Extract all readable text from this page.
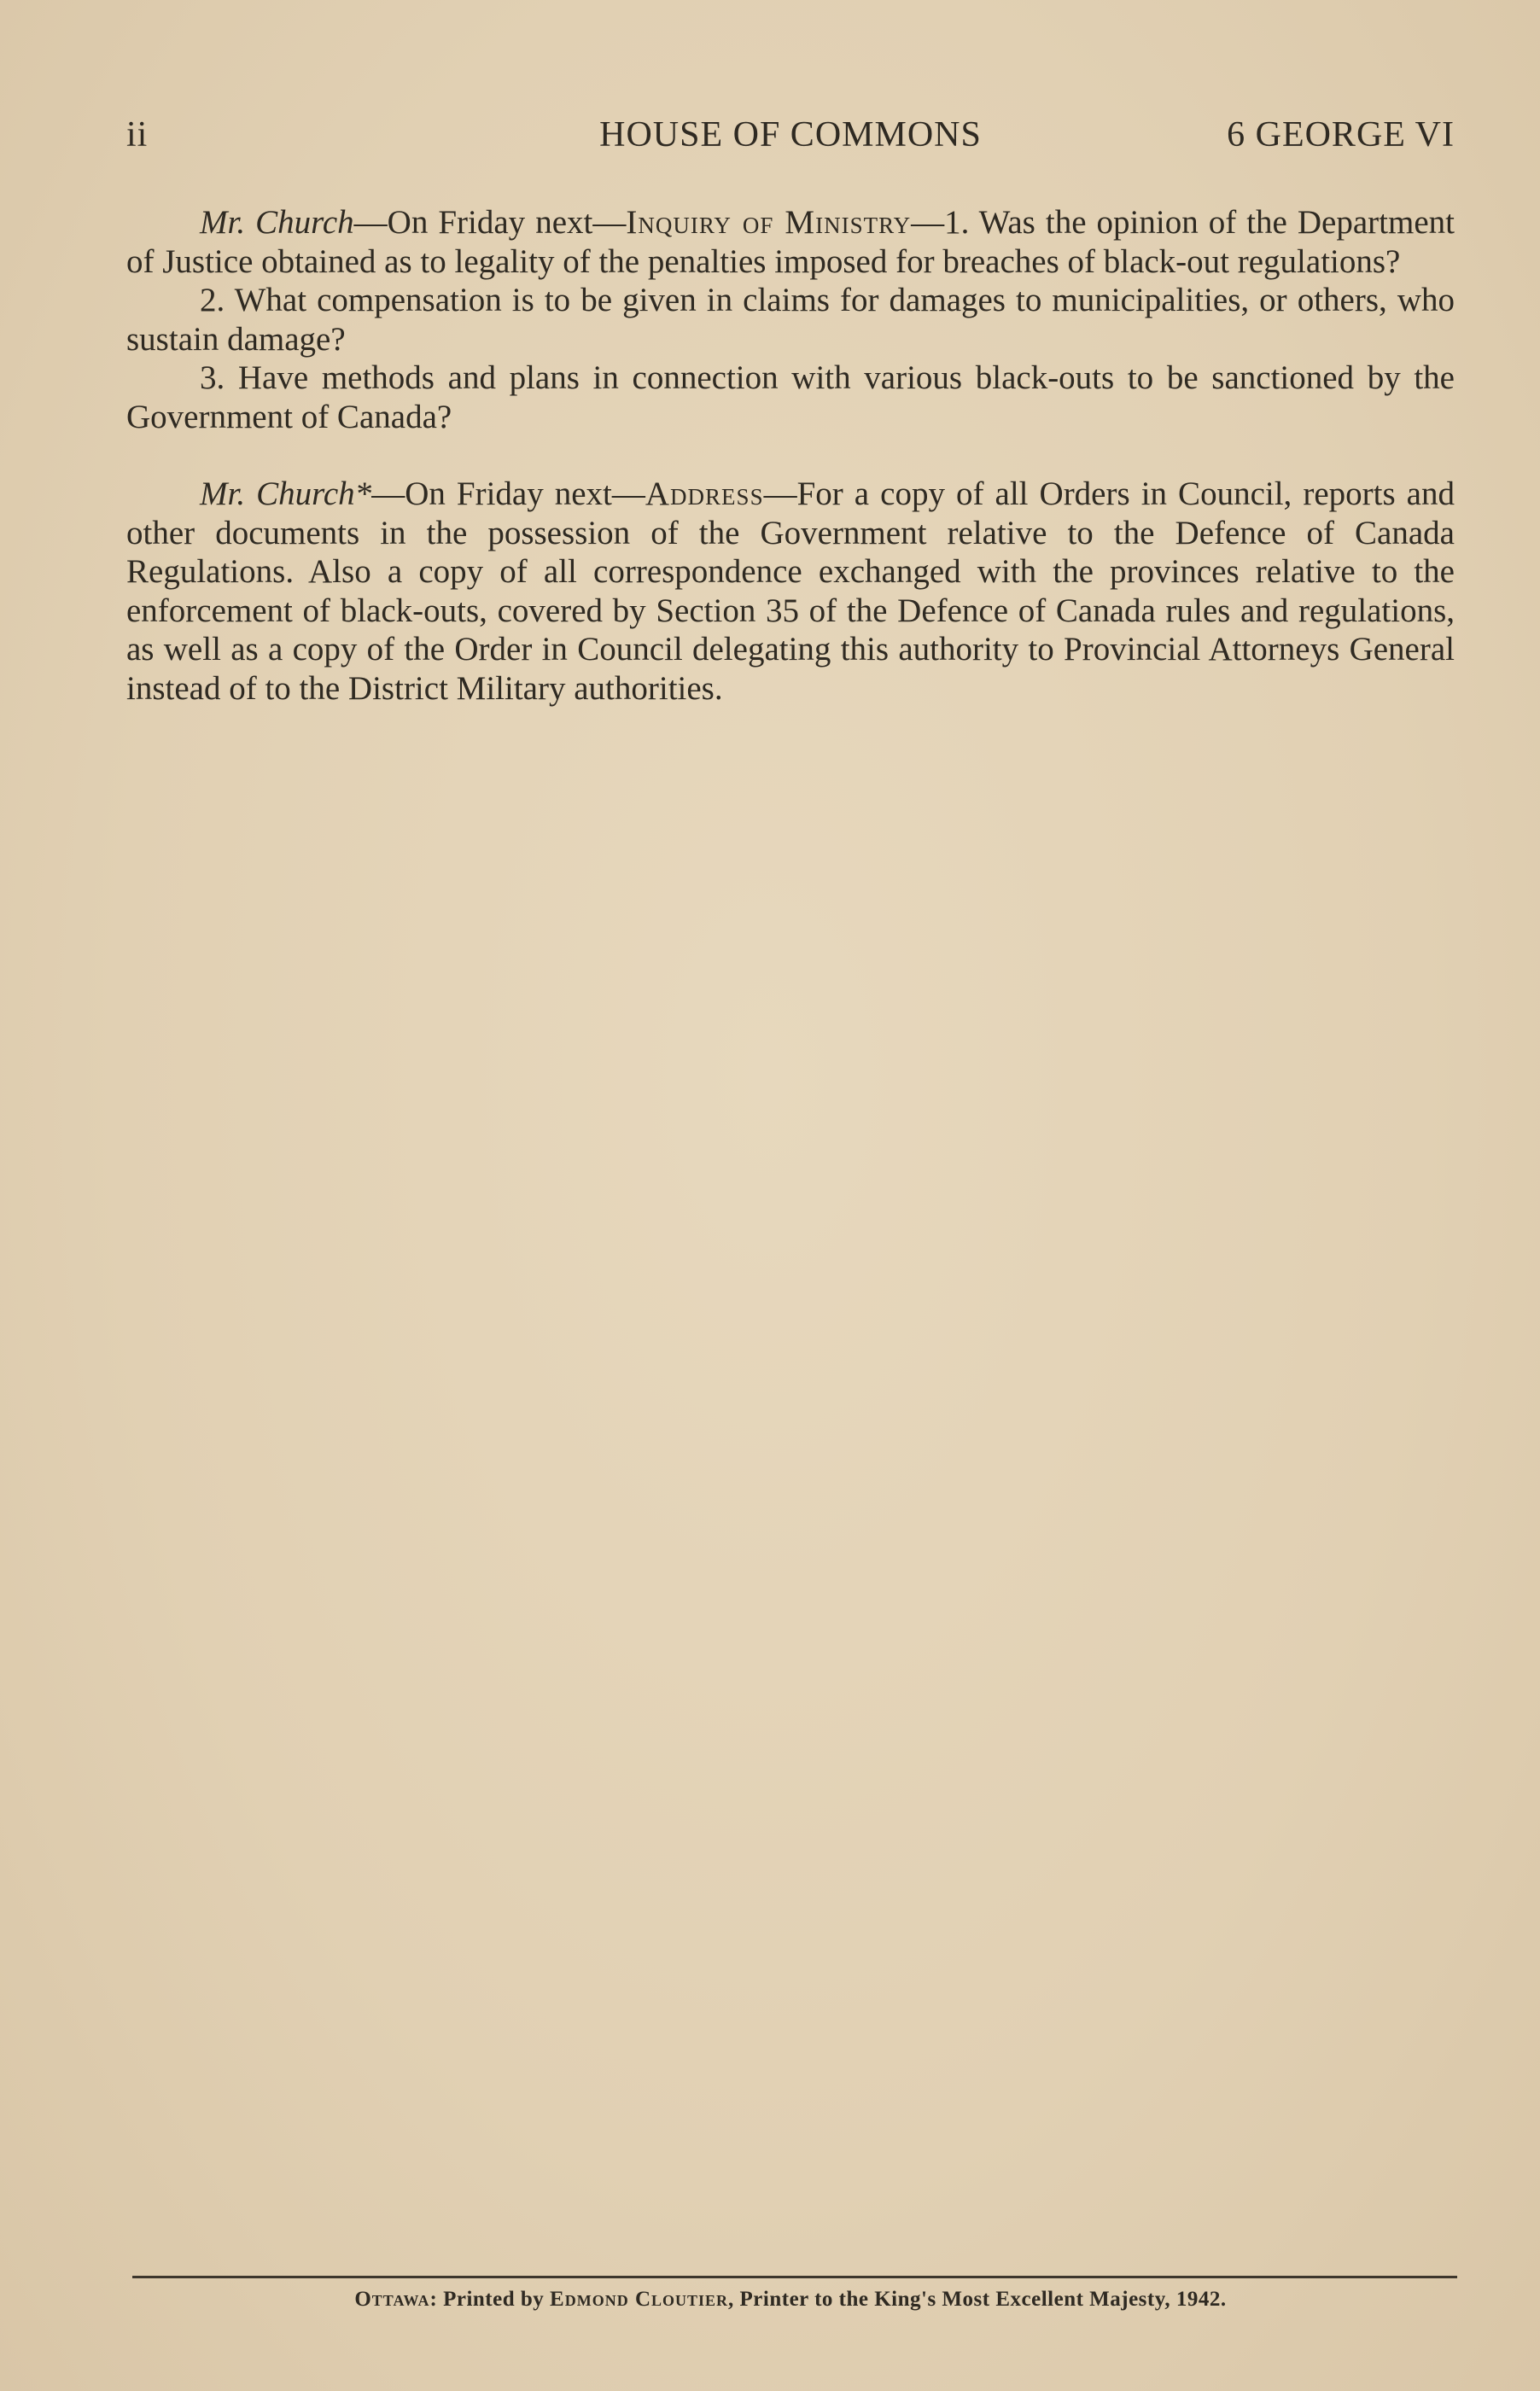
ii	HOUSE OF COMMONS	6 GEORGE VI

Mr. Church—On Friday next—Inquiry of Ministry—1. Was the opinion of the Department of Justice obtained as to legality of the penalties imposed for breaches of black-out regulations?

2. What compensation is to be given in claims for damages to municipalities, or others, who sustain damage?

3. Have methods and plans in connection with various black-outs to be sanctioned by the Government of Canada?

Mr. Church*—On Friday next—Address—For a copy of all Orders in Council, reports and other documents in the possession of the Government relative to the Defence of Canada Regulations. Also a copy of all correspondence exchanged with the provinces relative to the enforcement of black-outs, covered by Section 35 of the Defence of Canada rules and regulations, as well as a copy of the Order in Council delegating this authority to Provincial Attorneys General instead of to the District Military authorities.

Ottawa: Printed by Edmond Cloutier, Printer to the King's Most Excellent Majesty, 1942.
